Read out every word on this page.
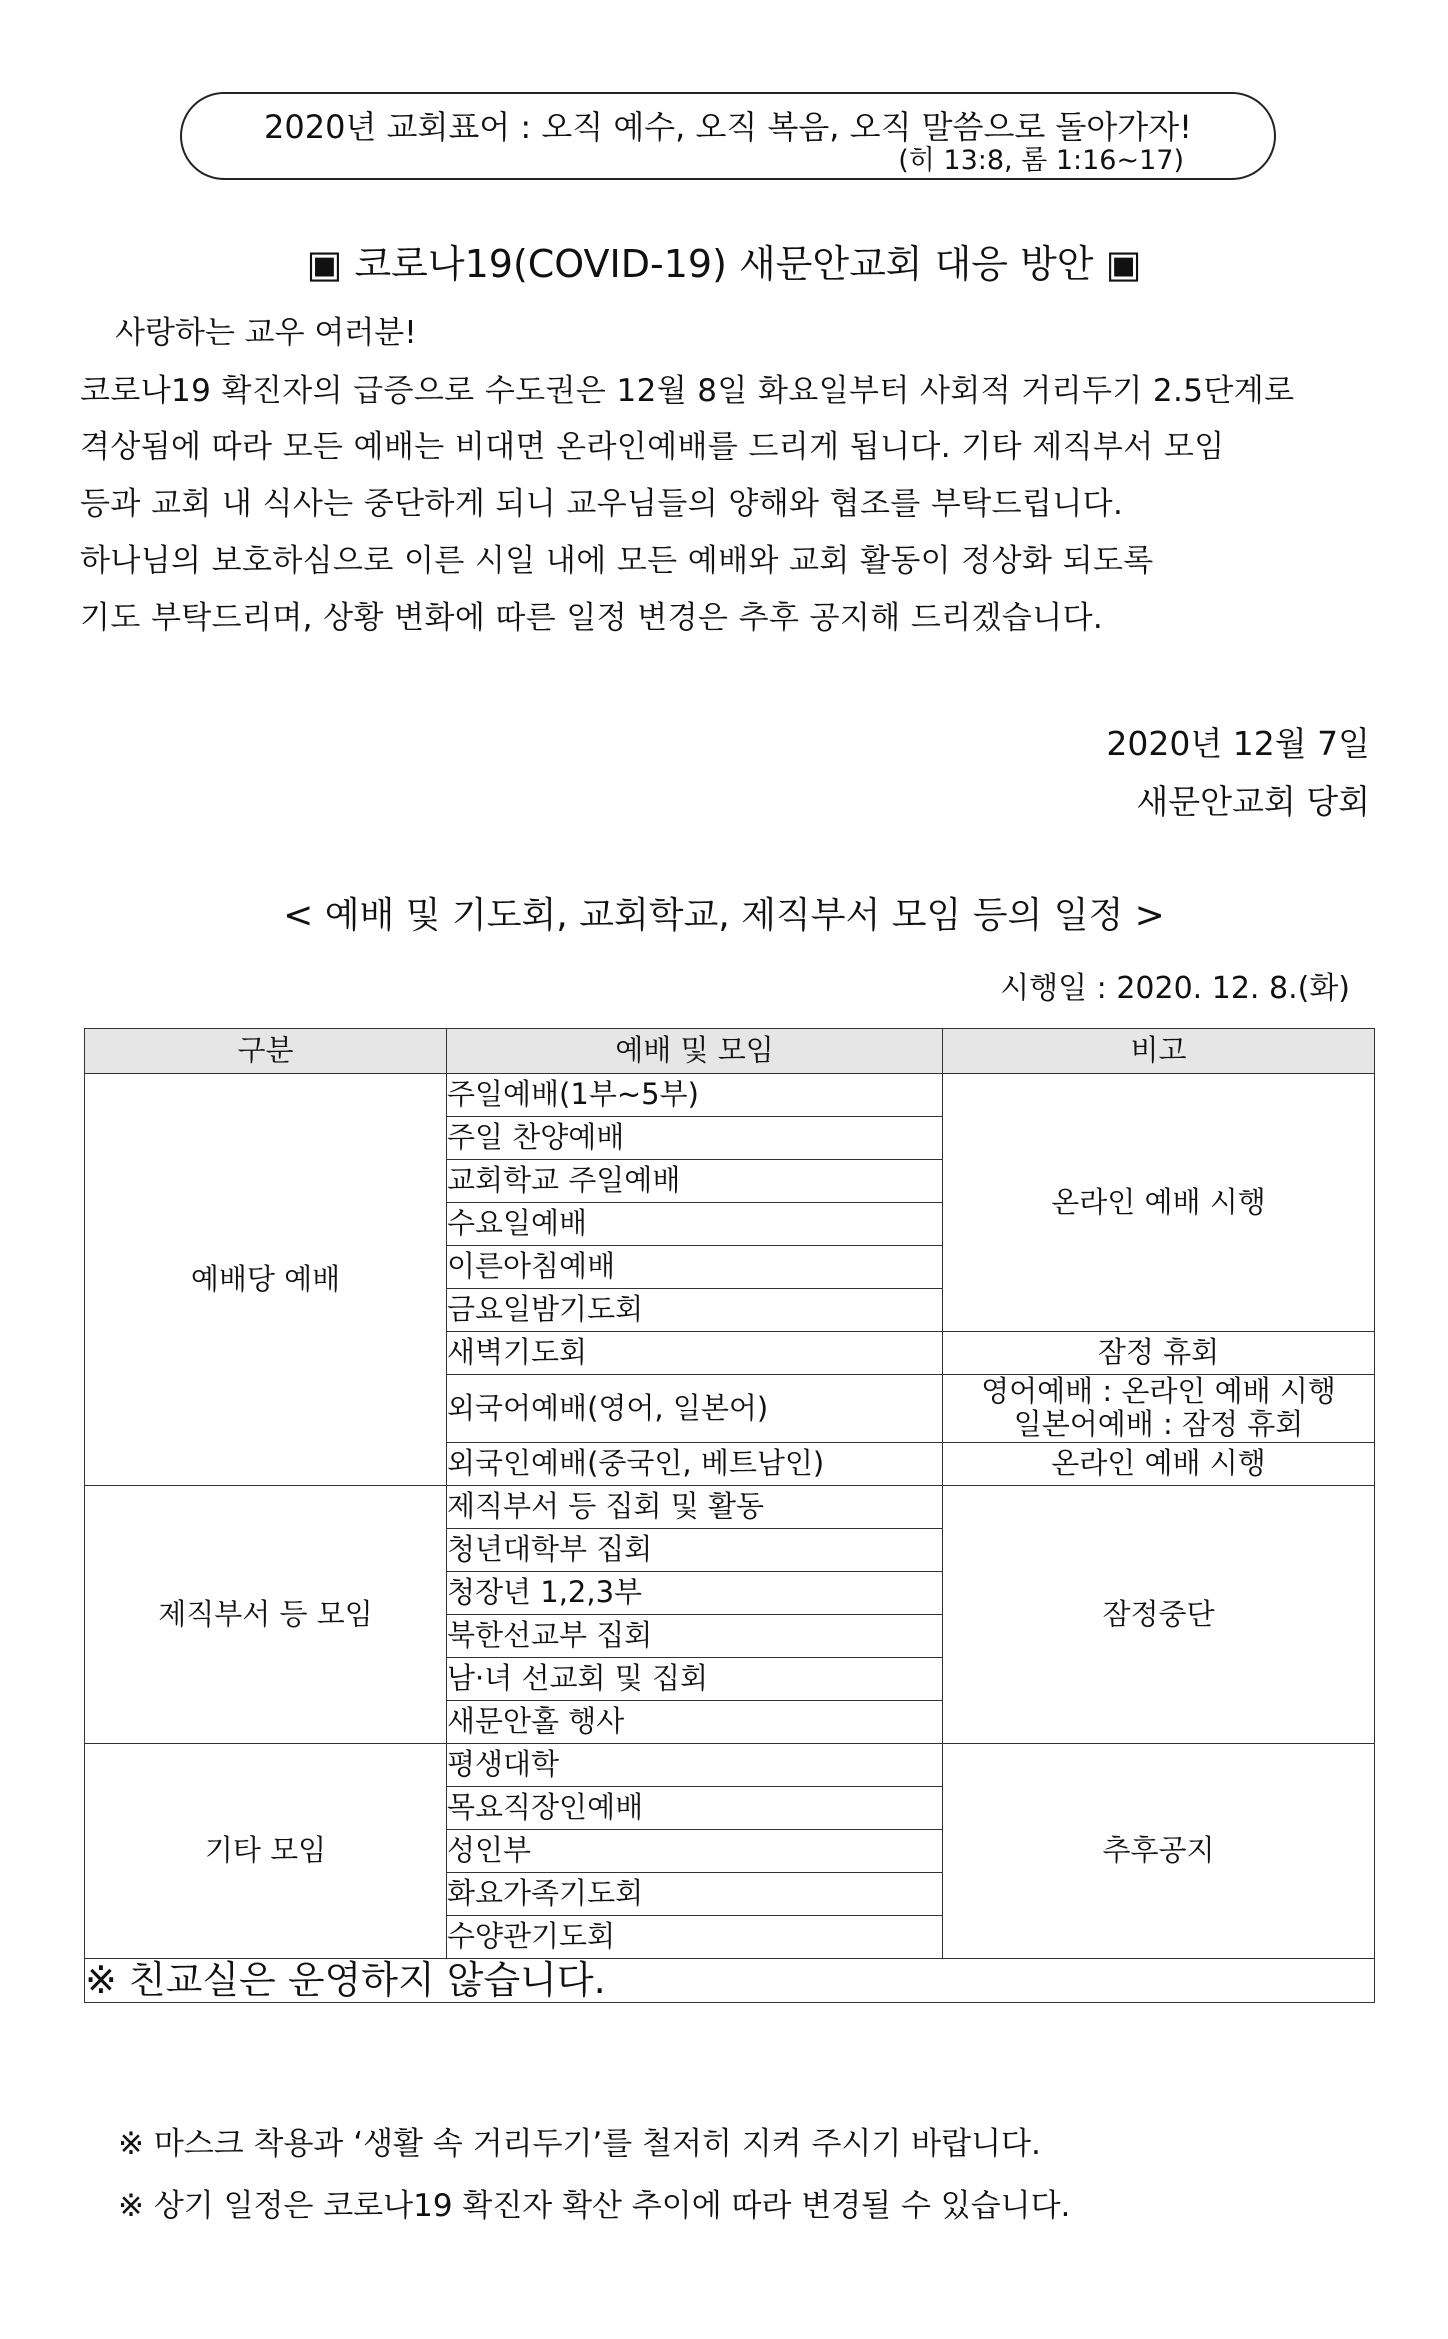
2020년 교회표어 : 오직 예수, 오직 복음, 오직 말씀으로 돌아가자!
(히 13:8, 롬 1:16~17)
▣ 코로나19(COVID-19) 새문안교회 대응 방안 ▣
사랑하는 교우 여러분!
코로나19 확진자의 급증으로 수도권은 12월 8일 화요일부터 사회적 거리두기 2.5단계로
격상됨에 따라 모든 예배는 비대면 온라인예배를 드리게 됩니다. 기타 제직부서 모임
등과 교회 내 식사는 중단하게 되니 교우님들의 양해와 협조를 부탁드립니다.
하나님의 보호하심으로 이른 시일 내에 모든 예배와 교회 활동이 정상화 되도록
기도 부탁드리며, 상황 변화에 따른 일정 변경은 추후 공지해 드리겠습니다.
2020년 12월 7일
새문안교회 당회
< 예배 및 기도회, 교회학교, 제직부서 모임 등의 일정 >
시행일 : 2020. 12. 8.(화)
구분	예배 및 모임	비고
예배당 예배	주일예배(1부~5부)	온라인 예배 시행
	주일 찬양예배	
	교회학교 주일예배	
	수요일예배	
	이른아침예배	
	금요일밤기도회	
	새벽기도회	잠정 휴회
	외국어예배(영어, 일본어)	영어예배 : 온라인 예배 시행
일본어예배 : 잠정 휴회

	외국인예배(중국인, 베트남인)	온라인 예배 시행
제직부서 등 모임	제직부서 등 집회 및 활동	잠정중단
	청년대학부 집회	
	청장년 1,2,3부	
	북한선교부 집회	
	남·녀 선교회 및 집회	
	새문안홀 행사	
기타 모임	평생대학	추후공지
	목요직장인예배	
	성인부	
	화요가족기도회	
	수양관기도회	
※ 친교실은 운영하지 않습니다.		
※ 마스크 착용과 ‘생활 속 거리두기’를 철저히 지켜 주시기 바랍니다.
※ 상기 일정은 코로나19 확진자 확산 추이에 따라 변경될 수 있습니다.
